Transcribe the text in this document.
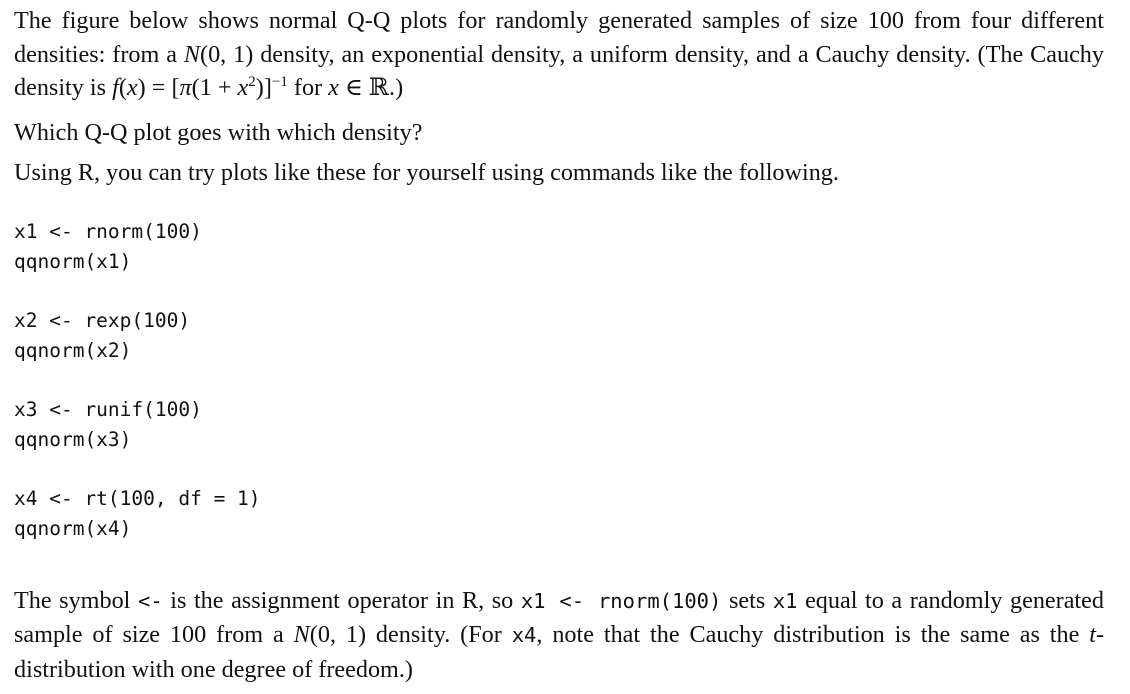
The figure below shows normal Q-Q plots for randomly generated samples of size 100 from four different densities: from a N(0, 1) density, an exponential density, a uniform density, and a Cauchy density. (The Cauchy density is $f(x) = [\pi(1 + x^2)]^{-1}$ for x ∈ ℝ.)

Which Q-Q plot goes with which density?

Using R, you can try plots like these for yourself using commands like the following.

x1 <- rnorm(100)
qqnorm(x1)
x2 <- rexp(100)
qqnorm(x2)
x3 <- runif(100)
qqnorm(x3)
x4 <- rt(100, df = 1)
qqnorm(x4)

The symbol <- is the assignment operator in R, so x1 <- rnorm(100) sets x1 equal to a randomly generated sample of size 100 from a N(0, 1) density. (For x4, note that the Cauchy distribution is the same as the t-distribution with one degree of freedom.)
